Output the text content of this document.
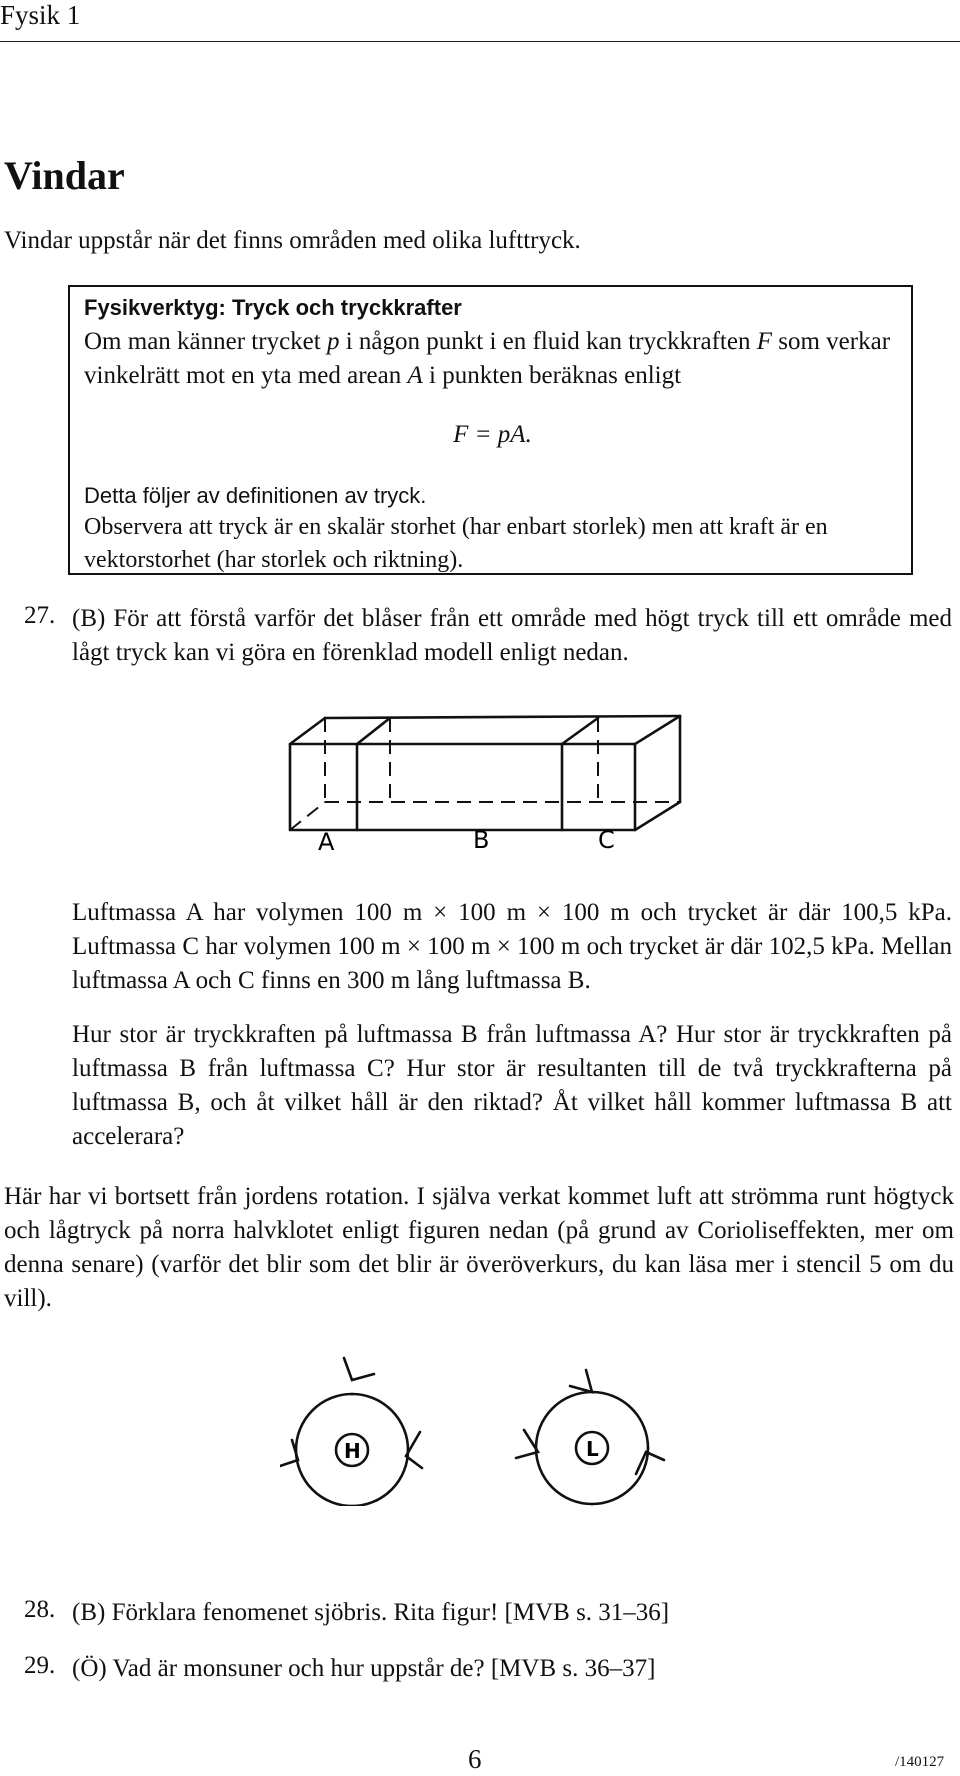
Fysik 1
Vindar
Vindar uppstår när det finns områden med olika lufttryck.
Fysikverktyg: Tryck och tryckkrafter
Om man känner trycket p i någon punkt i en fluid kan tryckkraften F som verkar vinkelrätt mot en yta med arean A i punkten beräknas enligt
F = pA.
Detta följer av definitionen av tryck.
Observera att tryck är en skalär storhet (har enbart storlek) men att kraft är en vektorstorhet (har storlek och riktning).
27. (B) För att förstå varför det blåser från ett område med högt tryck till ett område med lågt tryck kan vi göra en förenklad modell enligt nedan.
A	B	C
Luftmassa A har volymen 100 m × 100 m × 100 m och trycket är där 100,5 kPa. Luftmassa C har volymen 100 m × 100 m × 100 m och trycket är där 102,5 kPa. Mellan luftmassa A och C finns en 300 m lång luftmassa B.
Hur stor är tryckkraften på luftmassa B från luftmassa A? Hur stor är tryckkraften på luftmassa B från luftmassa C? Hur stor är resultanten till de två tryckkrafterna på luftmassa B, och åt vilket håll är den riktad? Åt vilket håll kommer luftmassa B att accelerara?
Här har vi bortsett från jordens rotation. I själva verkat kommet luft att strömma runt högtyck och lågtryck på norra halvklotet enligt figuren nedan (på grund av Corioliseffekten, mer om denna senare) (varför det blir som det blir är överöverkurs, du kan läsa mer i stencil 5 om du vill).
H	L
28. (B) Förklara fenomenet sjöbris. Rita figur! [MVB s. 31–36]
29. (Ö) Vad är monsuner och hur uppstår de? [MVB s. 36–37]
6	/140127
